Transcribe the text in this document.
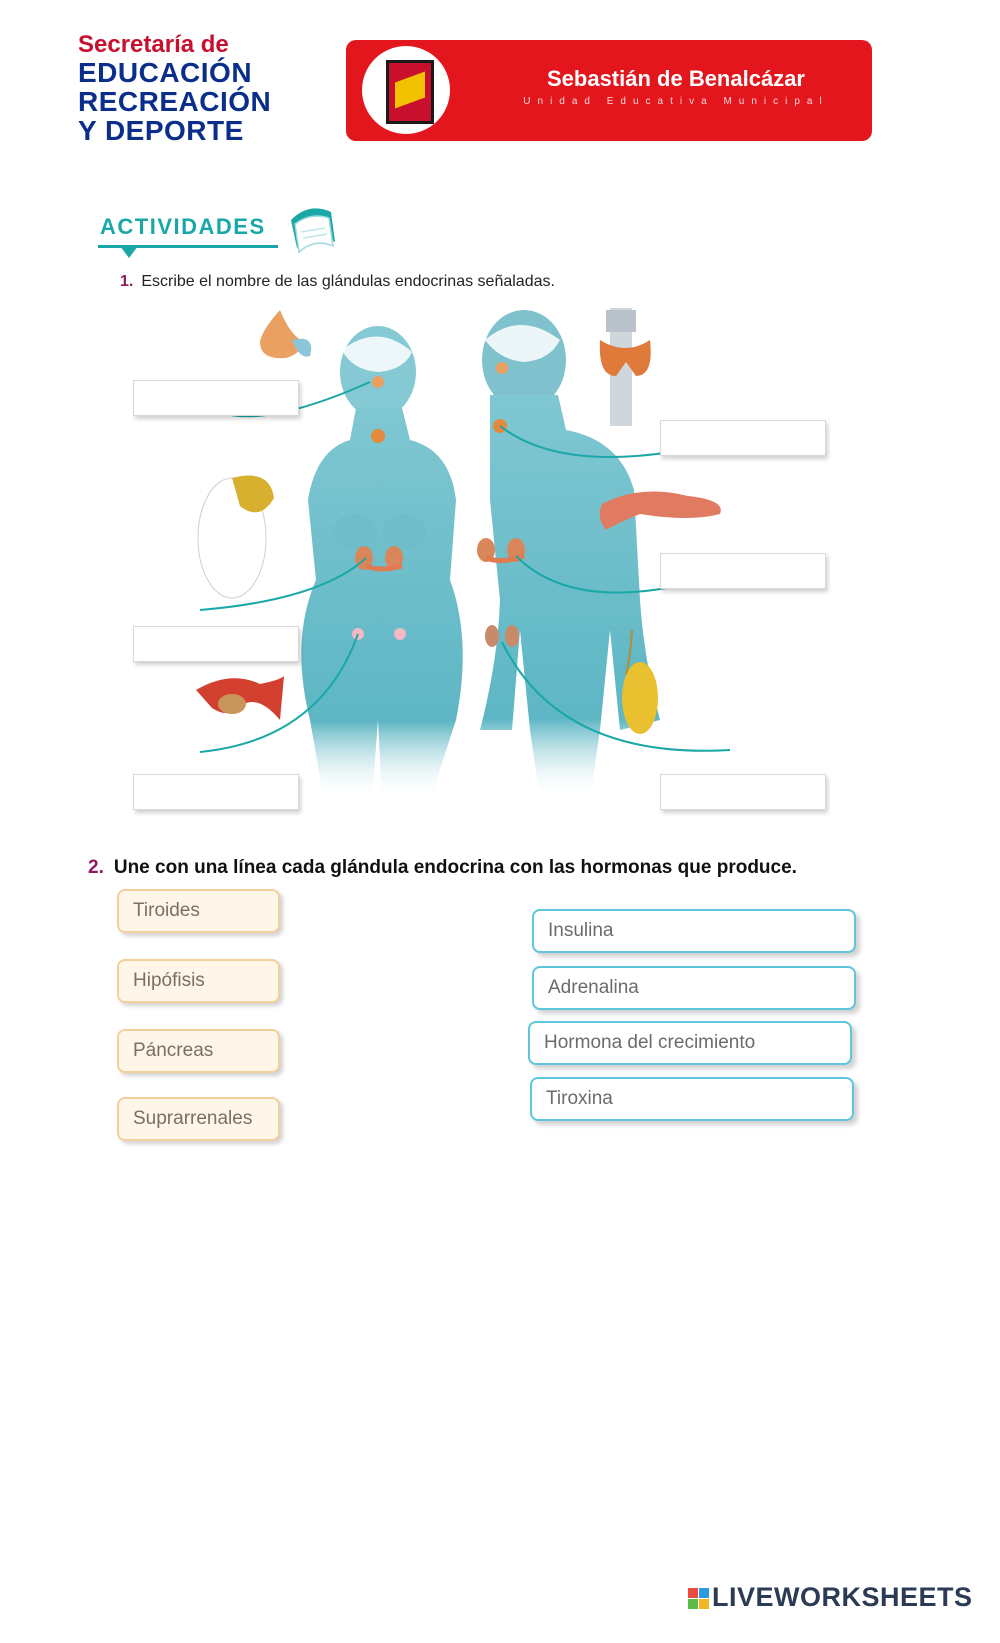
Secretaría de
EDUCACIÓN
RECREACIÓN
Y DEPORTE
Sebastián de Benalcázar
Unidad Educativa Municipal
ACTIVIDADES
1. Escribe el nombre de las glándulas endocrinas señaladas.
2. Une con una línea cada glándula endocrina con las hormonas que produce.
Tiroides
Hipófisis
Páncreas
Suprarrenales
Insulina
Adrenalina
Hormona del crecimiento
Tiroxina
LIVEWORKSHEETS
